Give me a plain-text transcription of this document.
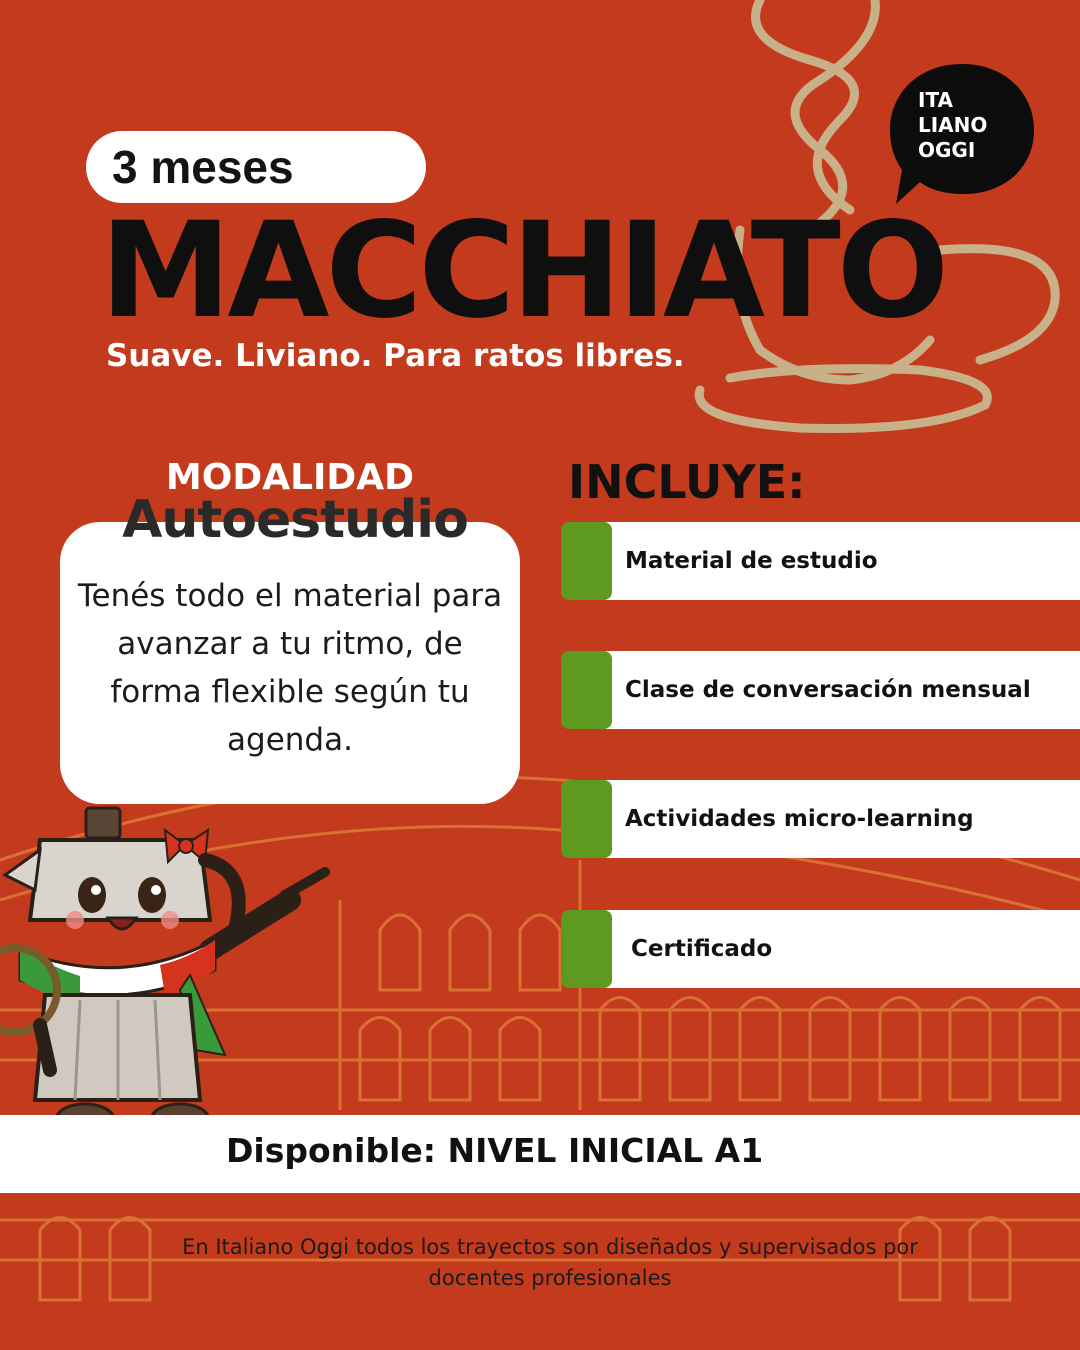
ITA
LIANO
OGGI
3 meses
MACCHIATO
Suave. Liviano. Para ratos libres.
MODALIDAD
Autoestudio
Tenés todo el material para avanzar a tu ritmo, de forma flexible según tu agenda.
INCLUYE:
Material de estudio
Clase de conversación mensual
Actividades micro-learning
Certificado
Disponible: NIVEL INICIAL A1
En Italiano Oggi todos los trayectos son diseñados y supervisados por docentes profesionales
